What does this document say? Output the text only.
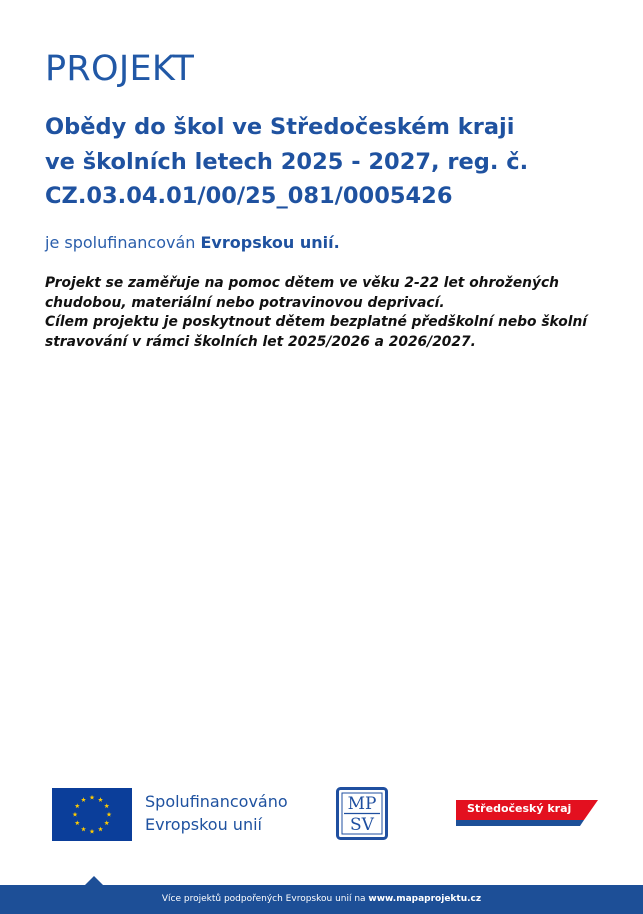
PROJEKT
Obědy do škol ve Středočeském kraji
ve školních letech 2025 - 2027, reg. č.
CZ.03.04.01/00/25_081/0005426
je spolufinancován Evropskou unií.
Projekt se zaměřuje na pomoc dětem ve věku 2-22 let ohrožených
chudobou, materiální nebo potravinovou deprivací.
Cílem projektu je poskytnout dětem bezplatné předškolní nebo školní
stravování v rámci školních let 2025/2026 a 2026/2027.
Spolufinancováno
Evropskou unií
MP
SV
Středočeský kraj
Více projektů podpořených Evropskou unií na www.mapaprojektu.cz
